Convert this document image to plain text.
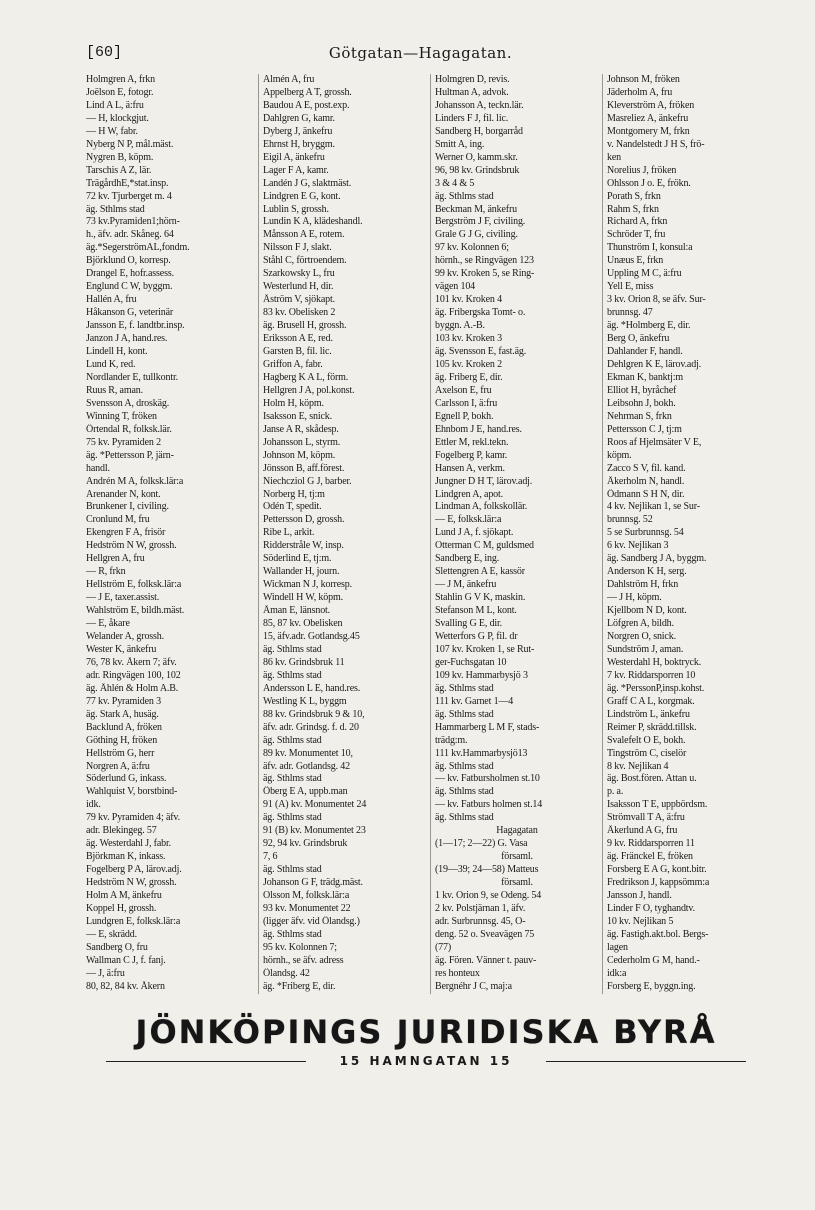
[60]	Götgatan—Hagagatan.
Holmgren A, frkn
Joëlson E, fotogr.
Lind A L, ä:fru
— H, klockgjut.
— H W, fabr.
Nyberg N P, mål.mäst.
Nygren B, köpm.
Tarschis A Z, lär.
TrägårdhE,*stat.insp.
72 kv. Tjurberget m. 4
äg. Sthlms stad
73 kv.Pyramiden1;hörn-
h., äfv. adr. Skåneg. 64
äg.*SegerströmAL,fondm.
Björklund O, korresp.
Drangel E, hofr.assess.
Englund C W, byggm.
Hallén A, fru
Håkanson G, veterinär
Jansson E, f. landtbr.insp.
Janzon J A, hand.res.
Lindell H, kont.
Lund K, red.
Nordlander E, tullkontr.
Ruus R, aman.
Svensson A, droskäg.
Winning T, fröken
Örtendal R, folksk.lär.
75 kv. Pyramiden 2
äg. *Pettersson P, järn-
handl.
Andrén M A, folksk.lär:a
Arenander N, kont.
Brunkener I, civiling.
Cronlund M, fru
Ekengren F A, frisör
Hedström N W, grossh.
Hellgren A, fru
— R, frkn
Hellström E, folksk.lär:a
— J E, taxer.assist.
Wahlström E, bildh.mäst.
— E, åkare
Welander A, grossh.
Wester K, änkefru
76, 78 kv. Åkern 7; äfv.
adr. Ringvägen 100, 102
äg. Åhlén & Holm A.B.
77 kv. Pyramiden 3
äg. Stark A, husäg.
Backlund A, fröken
Göthing H, fröken
Hellström G, herr
Norgren A, ä:fru
Söderlund G, inkass.
Wahlquist V, borstbind-
idk.
79 kv. Pyramiden 4; äfv.
adr. Blekingeg. 57
äg. Westerdahl J, fabr.
Björkman K, inkass.
Fogelberg P A, lärov.adj.
Hedström N W, grossh.
Holm A M, änkefru
Koppel H, grossh.
Lundgren E, folksk.lär:a
— E, skrädd.
Sandberg O, fru
Wallman C J, f. fanj.
— J, ä:fru
80, 82, 84 kv. Åkern
Almén A, fru
Appelberg A T, grossh.
Baudou A E, post.exp.
Dahlgren G, kamr.
Dyberg J, änkefru
Ehrnst H, bryggm.
Eigil A, änkefru
Lager F A, kamr.
Landén J G, slaktmäst.
Lindgren E G, kont.
Lublin S, grossh.
Lundin K A, klädeshandl.
Månsson A E, rotem.
Nilsson F J, slakt.
Ståhl C, förtroendem.
Szarkowsky L, fru
Westerlund H, dir.
Åström V, sjökapt.
83 kv. Obelisken 2
äg. Brusell H, grossh.
Eriksson A E, red.
Garsten B, fil. lic.
Griffon A, fabr.
Hagberg K A L, förm.
Hellgren J A, pol.konst.
Holm H, köpm.
Isaksson E, snick.
Janse A R, skådesp.
Johansson L, styrm.
Johnson M, köpm.
Jönsson B, aff.förest.
Niechcziol G J, barber.
Norberg H, tj:m
Odén T, spedit.
Pettersson D, grossh.
Ribe L, arkit.
Ridderstråle W, insp.
Söderlind E, tj:m.
Wallander H, journ.
Wickman N J, korresp.
Windell H W, köpm.
Åman E, länsnot.
85, 87 kv. Obelisken
15, äfv.adr. Gotlandsg.45
äg. Sthlms stad
86 kv. Grindsbruk 11
äg. Sthlms stad
Andersson L E, hand.res.
Westling K L, byggm
88 kv. Grindsbruk 9 & 10,
äfv. adr. Grindsg. f. d. 20
äg. Sthlms stad
89 kv. Monumentet 10,
äfv. adr. Gotlandsg. 42
äg. Sthlms stad
Öberg E A, uppb.man
91 (A) kv. Monumentet 24
äg. Sthlms stad
91 (B) kv. Monumentet 23
92, 94 kv. Grindsbruk
7, 6
äg. Sthlms stad
Johanson G F, trädg.mäst.
Olsson M, folksk.lär:a
93 kv. Monumentet 22
(ligger äfv. vid Ölandsg.)
äg. Sthlms stad
95 kv. Kolonnen 7;
hörnh., se äfv. adress
Ölandsg. 42
äg. *Friberg E, dir.
Holmgren D, revis.
Hultman A, advok.
Johansson A, teckn.lär.
Linders F J, fil. lic.
Sandberg H, borgarråd
Smitt A, ing.
Werner O, kamm.skr.
96, 98 kv. Grindsbruk
3 & 4 & 5
äg. Sthlms stad
Beckman M, änkefru
Bergström J F, civiling.
Grale G J G, civiling.
97 kv. Kolonnen 6;
hörnh., se Ringvägen 123
99 kv. Kroken 5, se Ring-
vägen 104
101 kv. Kroken 4
äg. Fribergska Tomt- o.
byggn. A.-B.
103 kv. Kroken 3
äg. Svensson E, fast.äg.
105 kv. Kroken 2
äg. Friberg E, dir.
Axelson E, fru
Carlsson I, ä:fru
Egnell P, bokh.
Ehnbom J E, hand.res.
Ettler M, rekl.tekn.
Fogelberg P, kamr.
Hansen A, verkm.
Jungner D H T, lärov.adj.
Lindgren A, apot.
Lindman A, folkskollär.
— E, folksk.lär:a
Lund J A, f. sjökapt.
Otterman C M, guldsmed
Sandberg E, ing.
Slettengren A E, kassör
— J M, änkefru
Stahlin G V K, maskin.
Stefanson M L, kont.
Svalling G E, dir.
Wetterfors G P, fil. dr
107 kv. Kroken 1, se Rut-
ger-Fuchsgatan 10
109 kv. Hammarbysjö 3
äg. Sthlms stad
111 kv. Garnet 1—4
äg. Sthlms stad
Hammarberg L M F, stads-
trädg:m.
111 kv.Hammarbysjö13
äg. Sthlms stad
— kv. Fatbursholmen st.10
äg. Sthlms stad
— kv. Fatburs holmen st.14
äg. Sthlms stad
Hagagatan
(1—17; 2—22) G. Vasa
församl.
(19—39; 24—58) Matteus
församl.
1 kv. Orion 9, se Odeng. 54
2 kv. Polstjärnan 1, äfv.
adr. Surbrunnsg. 45, O-
deng. 52 o. Sveavägen 75
(77)
äg. Fören. Vänner t. pauv-
res honteux
Bergnéhr J C, maj:a
Johnson M, fröken
Jäderholm A, fru
Kleverström A, fröken
Masreliez A, änkefru
Montgomery M, frkn
v. Nandelstedt J H S, frö-
ken
Norelius J, fröken
Ohlsson J o. E, frökn.
Porath S, frkn
Rahm S, frkn
Richard A, frkn
Schröder T, fru
Thunström I, konsul:a
Unæus E, frkn
Uppling M C, ä:fru
Yell E, miss
3 kv. Orion 8, se äfv. Sur-
brunnsg. 47
äg. *Holmberg E, dir.
Berg O, änkefru
Dahlander F, handl.
Dehlgren K E, lärov.adj.
Ekman K, banktj:m
Elliot H, byråchef
Leibsohn J, bokh.
Nehrman S, frkn
Pettersson C J, tj:m
Roos af Hjelmsäter V E,
köpm.
Zacco S V, fil. kand.
Åkerholm N, handl.
Ödmann S H N, dir.
4 kv. Nejlikan 1, se Sur-
brunnsg. 52
5 se Surbrunnsg. 54
6 kv. Nejlikan 3
äg. Sandberg J A, byggm.
Anderson K H, serg.
Dahlström H, frkn
— J H, köpm.
Kjellbom N D, kont.
Löfgren A, bildh.
Norgren O, snick.
Sundström J, aman.
Westerdahl H, boktryck.
7 kv. Riddarsporren 10
äg. *PerssonP,insp.kohst.
Graff C A L, korgmak.
Lindström L, änkefru
Reimer P, skrädd.tillsk.
Svalefelt O E, bokh.
Tingström C, ciselör
8 kv. Nejlikan 4
äg. Bost.fören. Attan u.
p. a.
Isaksson T E, uppbördsm.
Strömvall T A, ä:fru
Åkerlund A G, fru
9 kv. Riddarsporren 11
äg. Fränckel E, fröken
Forsberg E A G, kont.bitr.
Fredrikson J, kappsömm:a
Jansson J, handl.
Linder F O, tyghandtv.
10 kv. Nejlikan 5
äg. Fastigh.akt.bol. Bergs-
lagen
Cederholm G M, hand.-
idk:a
Forsberg E, byggn.ing.
JÖNKÖPINGS JURIDISKA BYRÅ
15 HAMNGATAN 15
